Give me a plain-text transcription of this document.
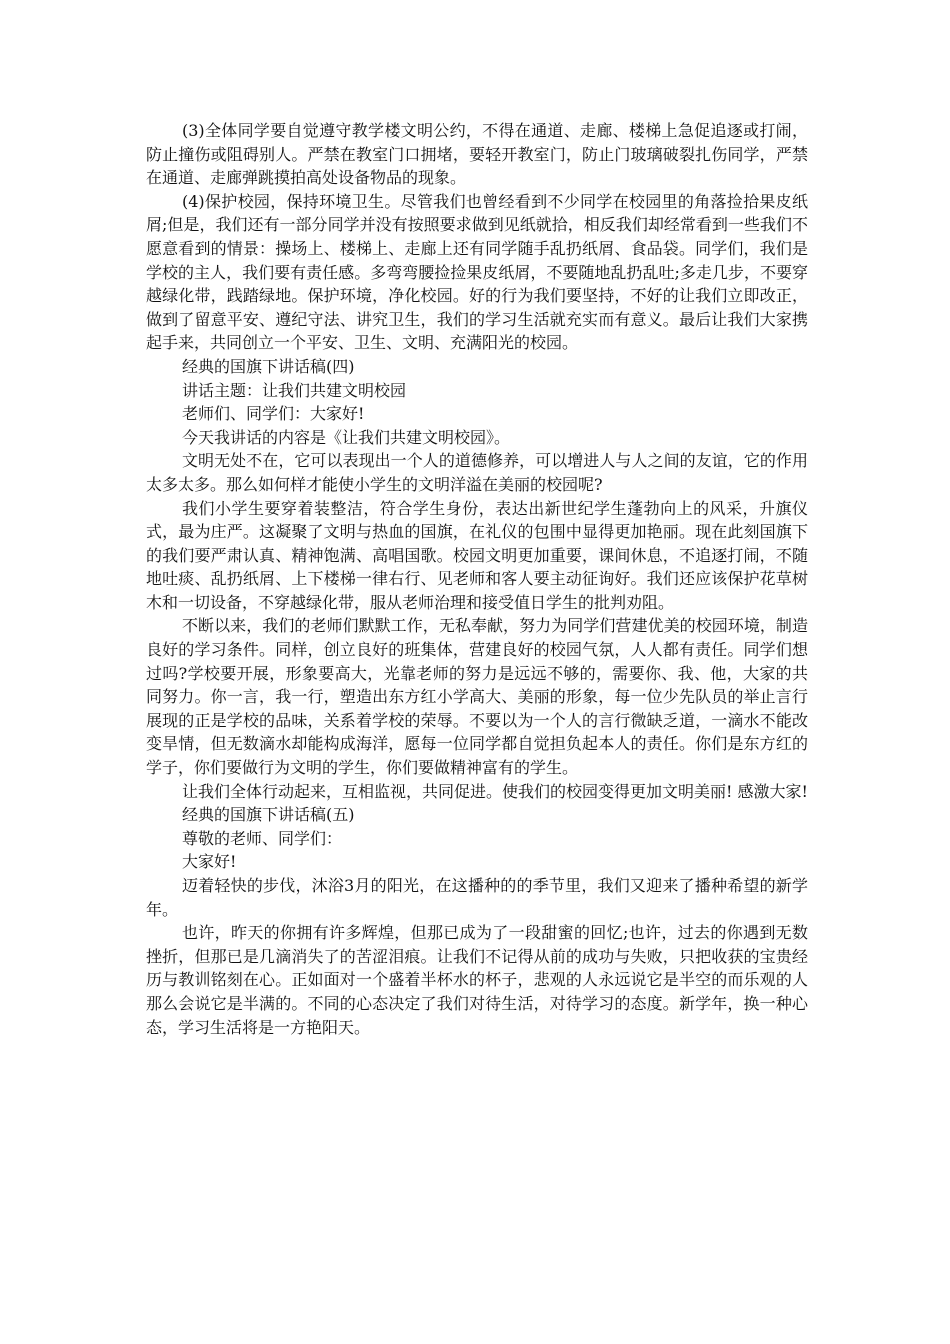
(3)全体同学要自觉遵守教学楼文明公约，不得在通道、走廊、楼梯上急促追逐或打闹，防止撞伤或阻碍别人。严禁在教室门口拥堵，要轻开教室门，防止门玻璃破裂扎伤同学，严禁在通道、走廊弹跳摸拍高处设备物品的现象。

(4)保护校园，保持环境卫生。尽管我们也曾经看到不少同学在校园里的角落捡拾果皮纸屑;但是，我们还有一部分同学并没有按照要求做到见纸就拾，相反我们却经常看到一些我们不愿意看到的情景：操场上、楼梯上、走廊上还有同学随手乱扔纸屑、食品袋。同学们，我们是学校的主人，我们要有责任感。多弯弯腰捡捡果皮纸屑，不要随地乱扔乱吐;多走几步，不要穿越绿化带，践踏绿地。保护环境，净化校园。好的行为我们要坚持，不好的让我们立即改正，做到了留意平安、遵纪守法、讲究卫生，我们的学习生活就充实而有意义。最后让我们大家携起手来，共同创立一个平安、卫生、文明、充满阳光的校园。

经典的国旗下讲话稿(四)

讲话主题：让我们共建文明校园

老师们、同学们：大家好!

今天我讲话的内容是《让我们共建文明校园》。

文明无处不在，它可以表现出一个人的道德修养，可以增进人与人之间的友谊，它的作用太多太多。那么如何样才能使小学生的文明洋溢在美丽的校园呢?

我们小学生要穿着装整洁，符合学生身份，表达出新世纪学生蓬勃向上的风采，升旗仪式，最为庄严。这凝聚了文明与热血的国旗，在礼仪的包围中显得更加艳丽。现在此刻国旗下的我们要严肃认真、精神饱满、高唱国歌。校园文明更加重要，课间休息，不追逐打闹，不随地吐痰、乱扔纸屑、上下楼梯一律右行、见老师和客人要主动征询好。我们还应该保护花草树木和一切设备，不穿越绿化带，服从老师治理和接受值日学生的批判劝阻。

不断以来，我们的老师们默默工作，无私奉献，努力为同学们营建优美的校园环境，制造良好的学习条件。同样，创立良好的班集体，营建良好的校园气氛，人人都有责任。同学们想过吗?学校要开展，形象要高大，光靠老师的努力是远远不够的，需要你、我、他，大家的共同努力。你一言，我一行，塑造出东方红小学高大、美丽的形象，每一位少先队员的举止言行展现的正是学校的品味，关系着学校的荣辱。不要以为一个人的言行微缺乏道，一滴水不能改变旱情，但无数滴水却能构成海洋，愿每一位同学都自觉担负起本人的责任。你们是东方红的学子，你们要做行为文明的学生，你们要做精神富有的学生。

让我们全体行动起来，互相监视，共同促进。使我们的校园变得更加文明美丽! 感激大家!

经典的国旗下讲话稿(五)

尊敬的老师、同学们：

大家好!

迈着轻快的步伐，沐浴3月的阳光，在这播种的的季节里，我们又迎来了播种希望的新学年。

也许，昨天的你拥有许多辉煌，但那已成为了一段甜蜜的回忆;也许，过去的你遇到无数挫折，但那已是几滴消失了的苦涩泪痕。让我们不记得从前的成功与失败，只把收获的宝贵经历与教训铭刻在心。正如面对一个盛着半杯水的杯子，悲观的人永远说它是半空的而乐观的人那么会说它是半满的。不同的心态决定了我们对待生活，对待学习的态度。新学年，换一种心态，学习生活将是一方艳阳天。
